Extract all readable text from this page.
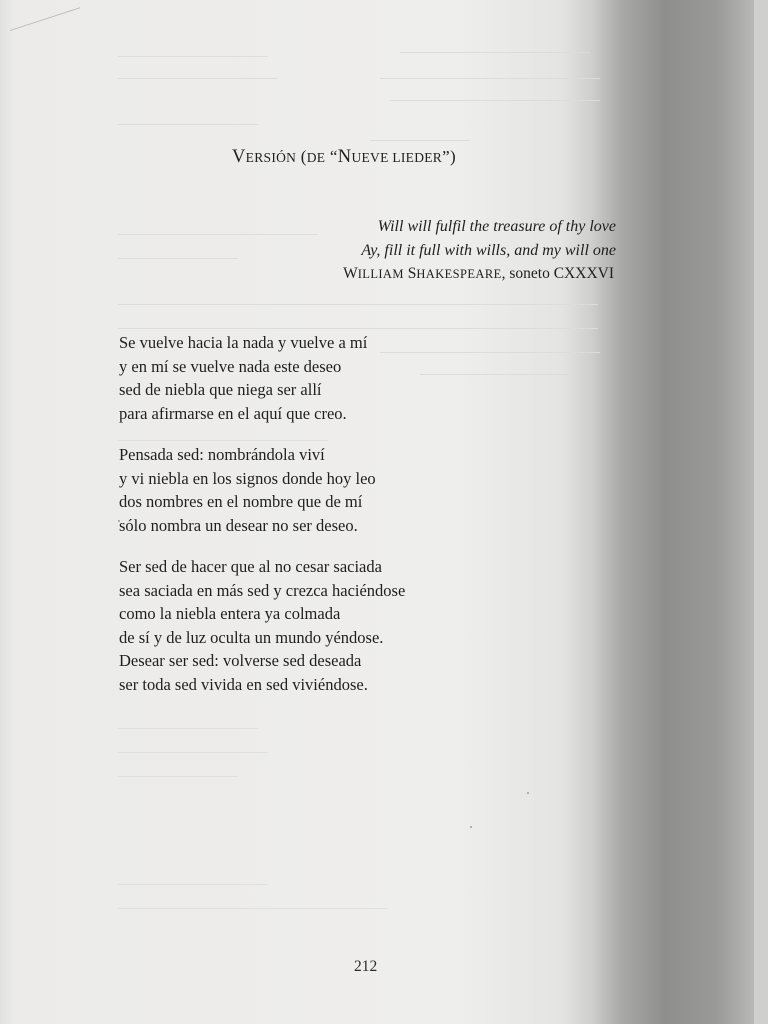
VERSIÓN (DE “NUEVE LIEDER”)
Will will fulfil the treasure of thy love
Ay, fill it full with wills, and my will one
WILLIAM SHAKESPEARE, soneto CXXXVI
Se vuelve hacia la nada y vuelve a mí
y en mí se vuelve nada este deseo
sed de niebla que niega ser allí
para afirmarse en el aquí que creo.
Pensada sed: nombrándola viví
y vi niebla en los signos donde hoy leo
dos nombres en el nombre que de mí
sólo nombra un desear no ser deseo.
Ser sed de hacer que al no cesar saciada
sea saciada en más sed y crezca haciéndose
como la niebla entera ya colmada
de sí y de luz oculta un mundo yéndose.
Desear ser sed: volverse sed deseada
ser toda sed vivida en sed viviéndose.
212
